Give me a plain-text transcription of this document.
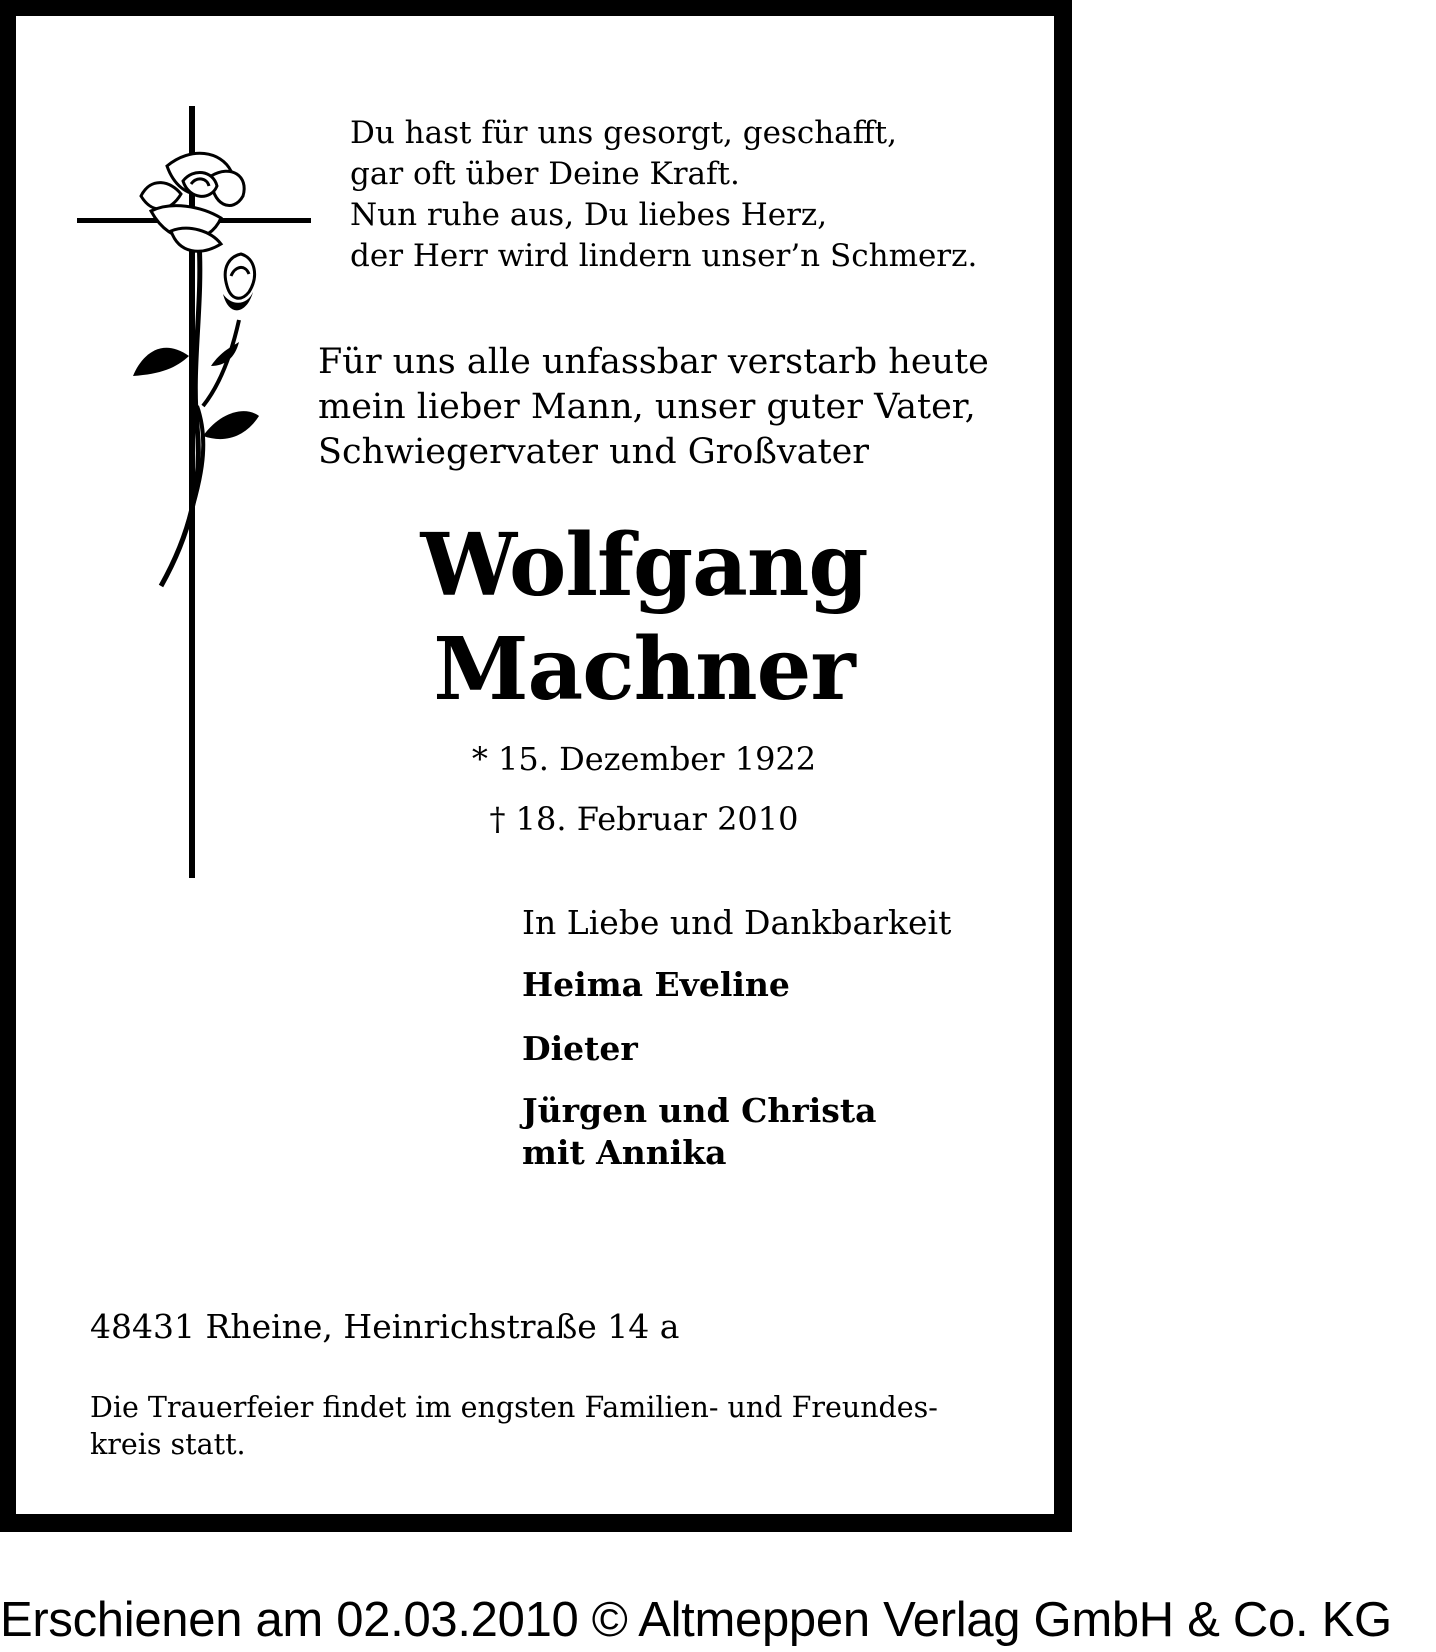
Du hast für uns gesorgt, geschafft,
gar oft über Deine Kraft.
Nun ruhe aus, Du liebes Herz,
der Herr wird lindern unser’n Schmerz.
Für uns alle unfassbar verstarb heute
mein lieber Mann, unser guter Vater,
Schwiegervater und Großvater
Wolfgang
Machner
* 15. Dezember 1922
† 18. Februar 2010
In Liebe und Dankbarkeit
Heima Eveline
Dieter
Jürgen und Christa
mit Annika
48431 Rheine, Heinrichstraße 14 a
Die Trauerfeier findet im engsten Familien- und Freundes-
kreis statt.
Erschienen am 02.03.2010 © Altmeppen Verlag GmbH & Co. KG
